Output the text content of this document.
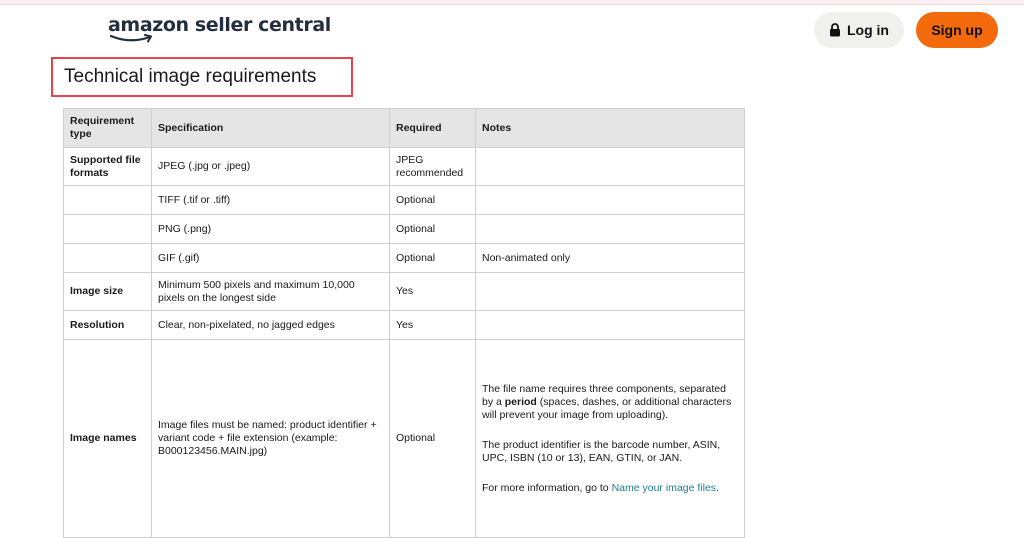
amazon seller central	Log in	Sign up
Technical image requirements
Requirement type	Specification	Required	Notes
Supported file formats	JPEG (.jpg or .jpeg)	JPEG recommended	
	TIFF (.tif or .tiff)	Optional	
	PNG (.png)	Optional	
	GIF (.gif)	Optional	Non-animated only
Image size	Minimum 500 pixels and maximum 10,000 pixels on the longest side	Yes	
Resolution	Clear, non-pixelated, no jagged edges	Yes	
Image names	Image files must be named: product identifier + variant code + file extension (example: B000123456.MAIN.jpg)	Optional	The file name requires three components, separated by a period (spaces, dashes, or additional characters will prevent your image from uploading).

The product identifier is the barcode number, ASIN, UPC, ISBN (10 or 13), EAN, GTIN, or JAN.

For more information, go to Name your image files.
